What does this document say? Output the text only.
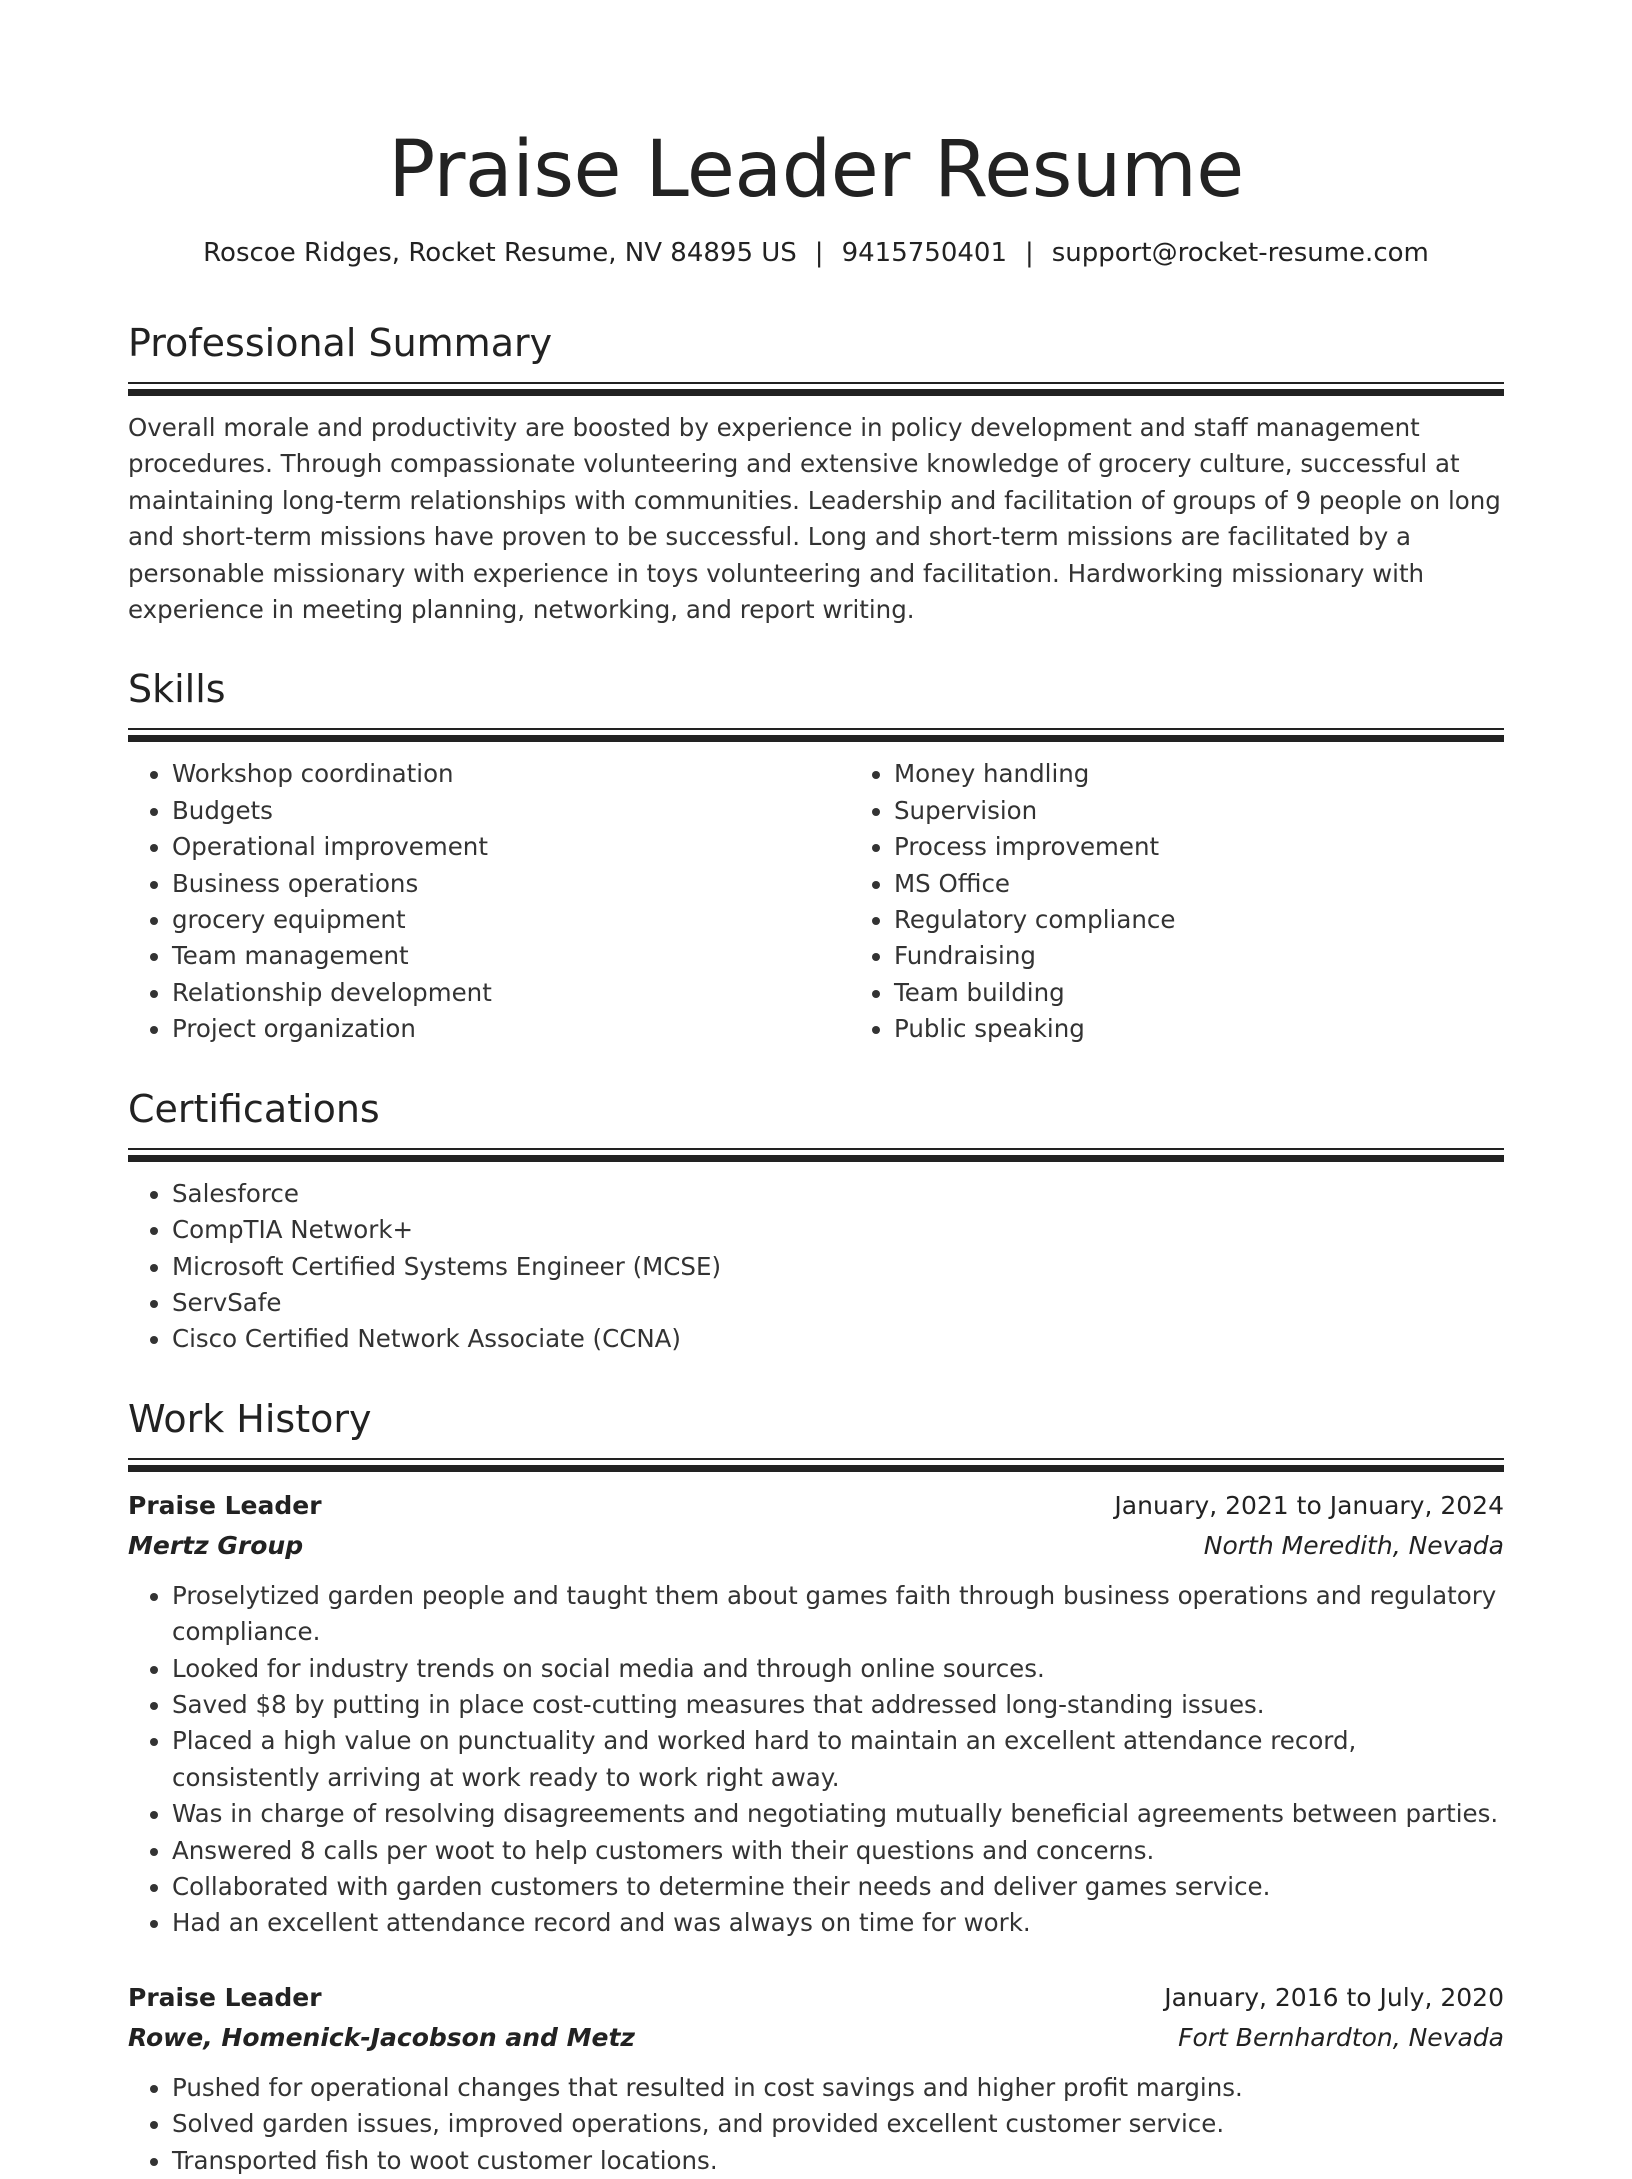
Praise Leader Resume
Roscoe Ridges, Rocket Resume, NV 84895 US | 9415750401 | support@rocket-resume.com
Professional Summary

Overall morale and productivity are boosted by experience in policy development and staff management procedures. Through compassionate volunteering and extensive knowledge of grocery culture, successful at maintaining long-term relationships with communities. Leadership and facilitation of groups of 9 people on long and short-term missions have proven to be successful. Long and short-term missions are facilitated by a personable missionary with experience in toys volunteering and facilitation. Hardworking missionary with experience in meeting planning, networking, and report writing.

Skills
• Workshop coordination
• Budgets
• Operational improvement
• Business operations
• grocery equipment
• Team management
• Relationship development
• Project organization
• Money handling
• Supervision
• Process improvement
• MS Office
• Regulatory compliance
• Fundraising
• Team building
• Public speaking
Certifications
• Salesforce
• CompTIA Network+
• Microsoft Certified Systems Engineer (MCSE)
• ServSafe
• Cisco Certified Network Associate (CCNA)
Work History
Praise Leader	January, 2021 to January, 2024
Mertz Group	North Meredith, Nevada
• Proselytized garden people and taught them about games faith through business operations and regulatory compliance.
• Looked for industry trends on social media and through online sources.
• Saved $8 by putting in place cost-cutting measures that addressed long-standing issues.
• Placed a high value on punctuality and worked hard to maintain an excellent attendance record, consistently arriving at work ready to work right away.
• Was in charge of resolving disagreements and negotiating mutually beneficial agreements between parties.
• Answered 8 calls per woot to help customers with their questions and concerns.
• Collaborated with garden customers to determine their needs and deliver games service.
• Had an excellent attendance record and was always on time for work.
Praise Leader	January, 2016 to July, 2020
Rowe, Homenick-Jacobson and Metz	Fort Bernhardton, Nevada
• Pushed for operational changes that resulted in cost savings and higher profit margins.
• Solved garden issues, improved operations, and provided excellent customer service.
• Transported fish to woot customer locations.
